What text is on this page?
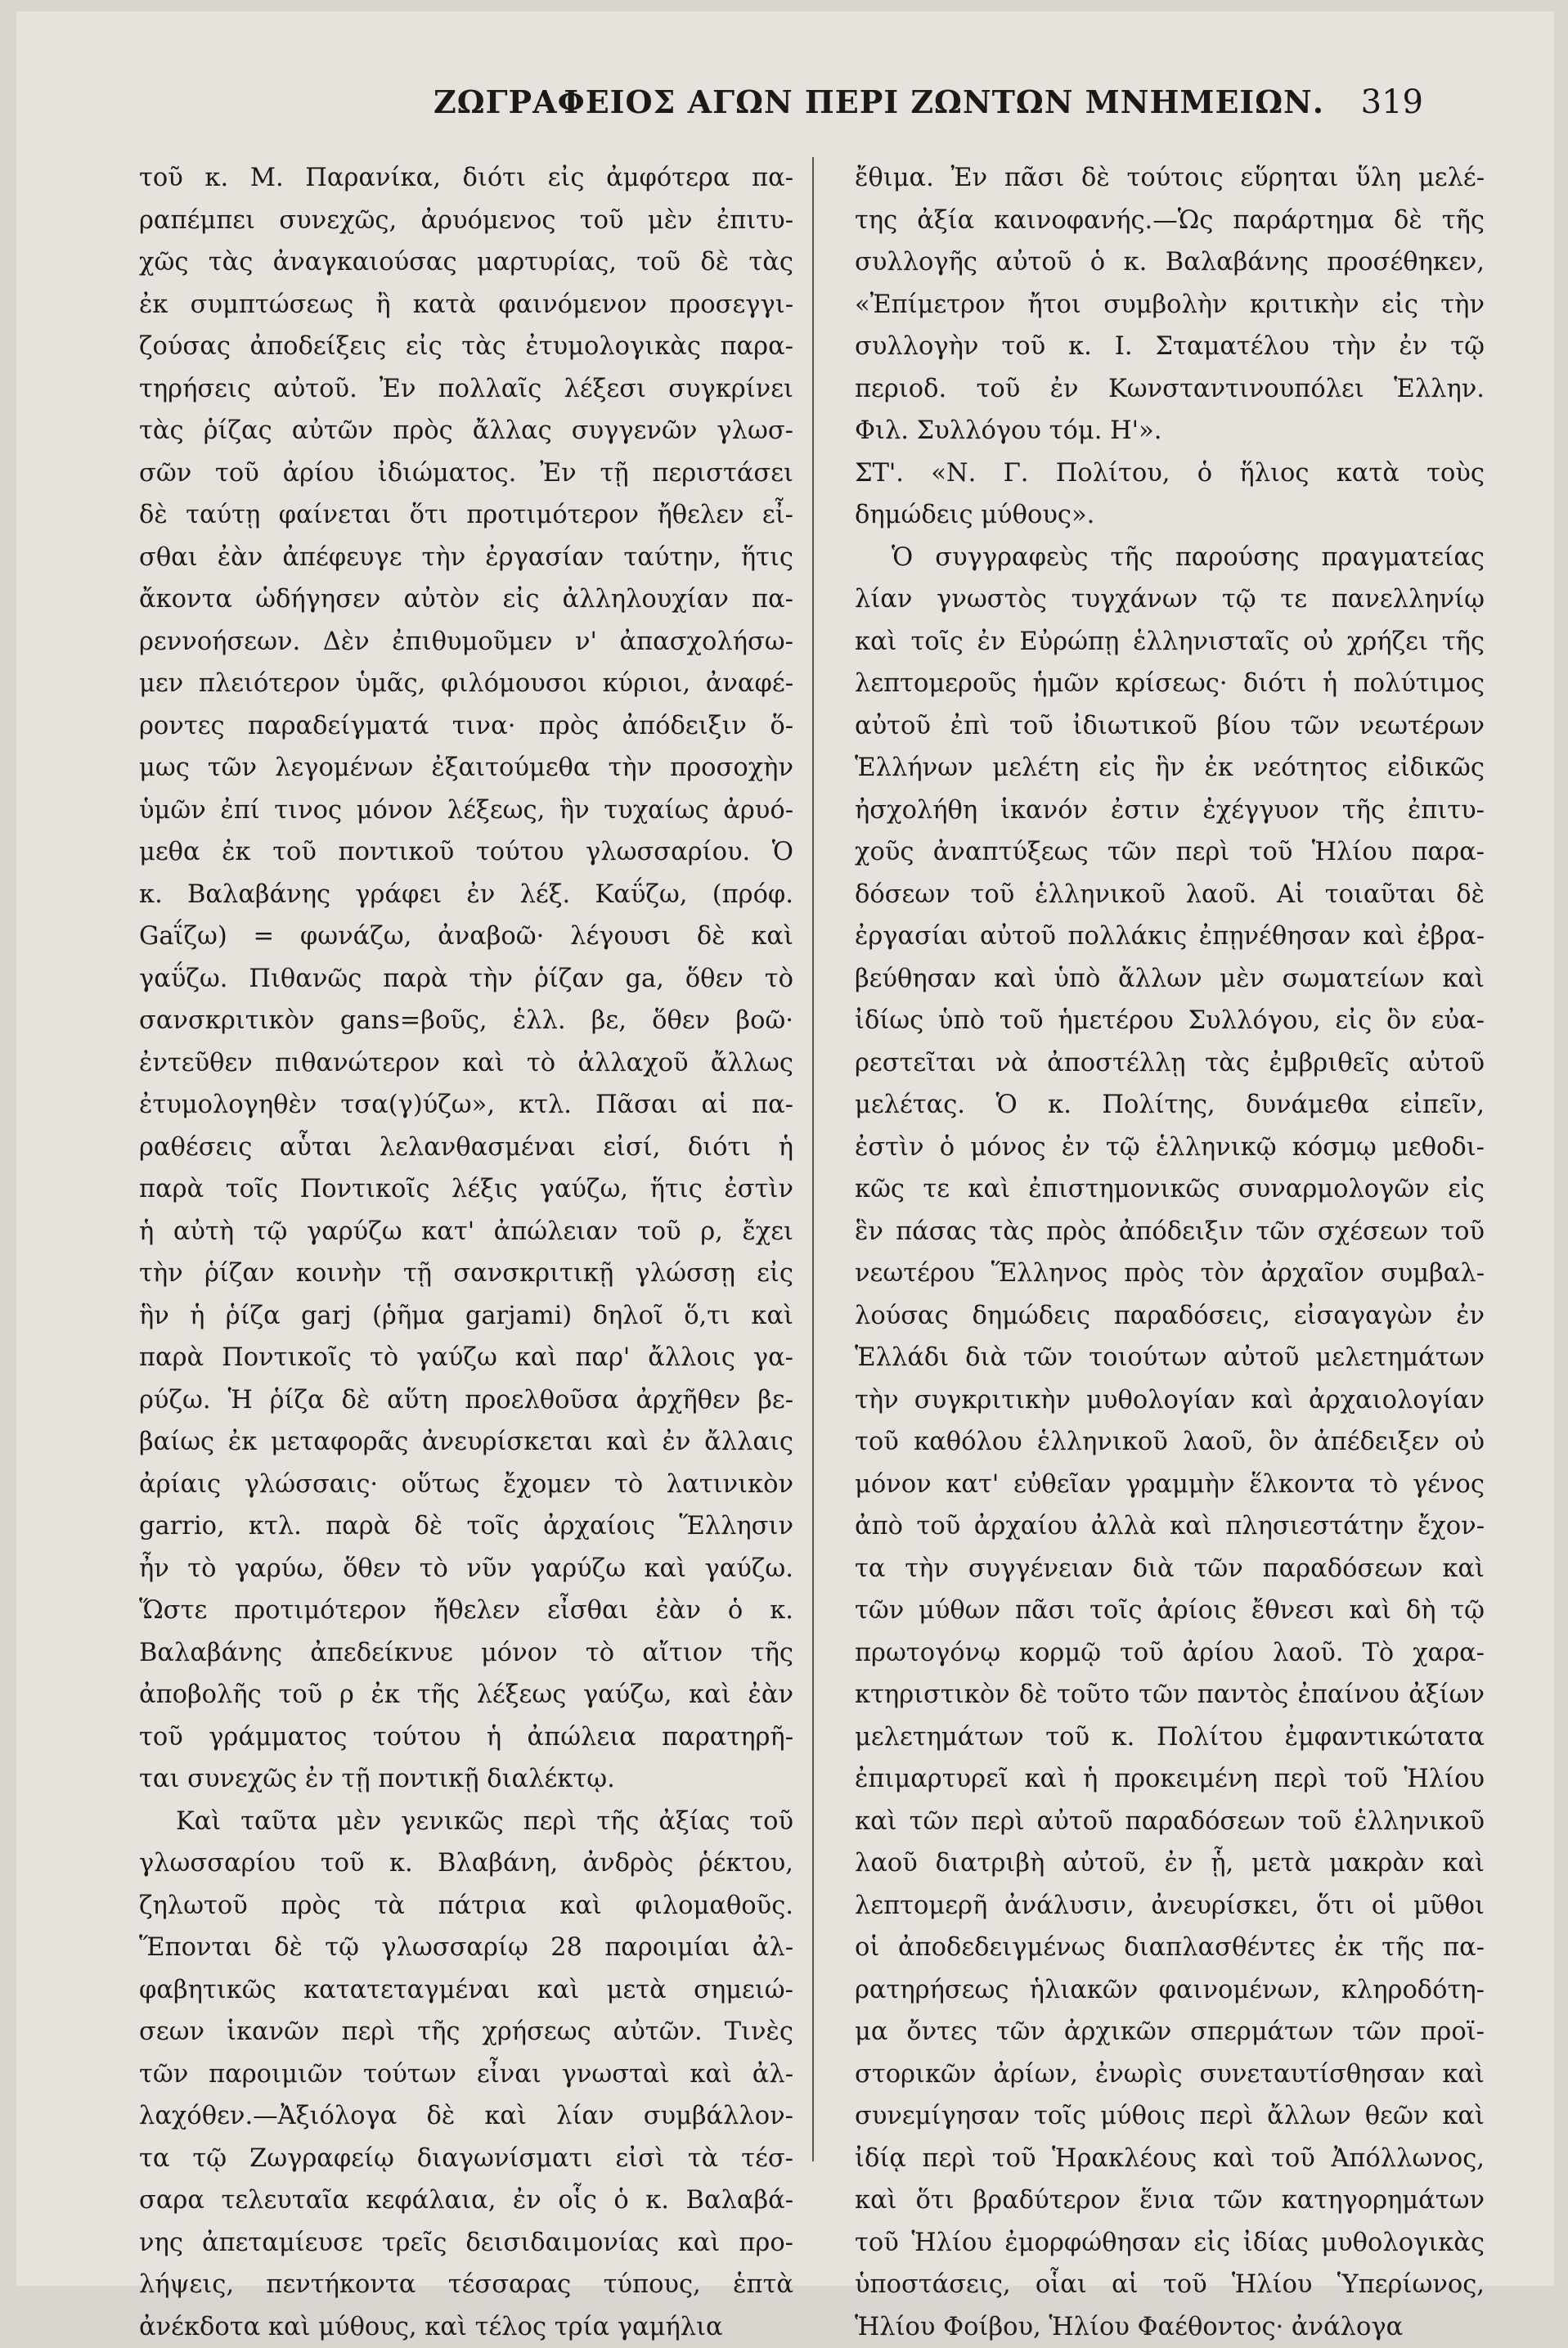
ΖΩΓΡΑΦΕΙΟΣ ΑΓΩΝ ΠΕΡΙ ΖΩΝΤΩΝ ΜΝΗΜΕΙΩΝ. 319
τοῦ κ. Μ. Παρανίκα, διότι εἰς ἀμφότερα πα-
ραπέμπει συνεχῶς, ἀρυόμενος τοῦ μὲν ἐπιτυ-
χῶς τὰς ἀναγκαιούσας μαρτυρίας, τοῦ δὲ τὰς
ἐκ συμπτώσεως ἢ κατὰ φαινόμενον προσεγγι-
ζούσας ἀποδείξεις εἰς τὰς ἐτυμολογικὰς παρα-
τηρήσεις αὐτοῦ. Ἐν πολλαῖς λέξεσι συγκρίνει
τὰς ῥίζας αὐτῶν πρὸς ἄλλας συγγενῶν γλωσ-
σῶν τοῦ ἀρίου ἰδιώματος. Ἐν τῇ περιστάσει
δὲ ταύτῃ φαίνεται ὅτι προτιμότερον ἤθελεν εἶ-
σθαι ἐὰν ἀπέφευγε τὴν ἐργασίαν ταύτην, ἥτις
ἄκοντα ὡδήγησεν αὐτὸν εἰς ἀλληλουχίαν πα-
ρεννοήσεων. Δὲν ἐπιθυμοῦμεν ν' ἀπασχολήσω-
μεν πλειότερον ὑμᾶς, φιλόμουσοι κύριοι, ἀναφέ-
ροντες παραδείγματά τινα· πρὸς ἀπόδειξιν ὅ-
μως τῶν λεγομένων ἐξαιτούμεθα τὴν προσοχὴν
ὑμῶν ἐπί τινος μόνον λέξεως, ἣν τυχαίως ἀρυό-
μεθα ἐκ τοῦ ποντικοῦ τούτου γλωσσαρίου. Ὁ
κ. Βαλαβάνης γράφει ἐν λέξ. Καΰζω, (πρόφ.
Gaΐζω) = φωνάζω, ἀναβοῶ· λέγουσι δὲ καὶ
γαΰζω. Πιθανῶς παρὰ τὴν ῥίζαν ga, ὅθεν τὸ
σανσκριτικὸν gans=βοῦς, ἑλλ. βε, ὅθεν βοῶ·
ἐντεῦθεν πιθανώτερον καὶ τὸ ἀλλαχοῦ ἄλλως
ἐτυμολογηθὲν τσα(γ)ύζω», κτλ. Πᾶσαι αἱ πα-
ραθέσεις αὗται λελανθασμέναι εἰσί, διότι ἡ
παρὰ τοῖς Ποντικοῖς λέξις γαύζω, ἥτις ἐστὶν
ἡ αὐτὴ τῷ γαρύζω κατ' ἀπώλειαν τοῦ ρ, ἔχει
τὴν ῥίζαν κοινὴν τῇ σανσκριτικῇ γλώσσῃ εἰς
ἣν ἡ ῥίζα garj (ῥῆμα garjami) δηλοῖ ὅ,τι καὶ
παρὰ Ποντικοῖς τὸ γαύζω καὶ παρ' ἄλλοις γα-
ρύζω. Ἡ ῥίζα δὲ αὕτη προελθοῦσα ἀρχῆθεν βε-
βαίως ἐκ μεταφορᾶς ἀνευρίσκεται καὶ ἐν ἄλλαις
ἀρίαις γλώσσαις· οὕτως ἔχομεν τὸ λατινικὸν
garrio, κτλ. παρὰ δὲ τοῖς ἀρχαίοις Ἕλλησιν
ἦν τὸ γαρύω, ὅθεν τὸ νῦν γαρύζω καὶ γαύζω.
Ὥστε προτιμότερον ἤθελεν εἶσθαι ἐὰν ὁ κ.
Βαλαβάνης ἀπεδείκνυε μόνον τὸ αἴτιον τῆς
ἀποβολῆς τοῦ ρ ἐκ τῆς λέξεως γαύζω, καὶ ἐὰν
τοῦ γράμματος τούτου ἡ ἀπώλεια παρατηρῆ-
ται συνεχῶς ἐν τῇ ποντικῇ διαλέκτῳ.
Καὶ ταῦτα μὲν γενικῶς περὶ τῆς ἀξίας τοῦ
γλωσσαρίου τοῦ κ. Βλαβάνη, ἀνδρὸς ῥέκτου,
ζηλωτοῦ πρὸς τὰ πάτρια καὶ φιλομαθοῦς.
Ἕπονται δὲ τῷ γλωσσαρίῳ 28 παροιμίαι ἀλ-
φαβητικῶς κατατεταγμέναι καὶ μετὰ σημειώ-
σεων ἱκανῶν περὶ τῆς χρήσεως αὐτῶν. Τινὲς
τῶν παροιμιῶν τούτων εἶναι γνωσταὶ καὶ ἀλ-
λαχόθεν.—Ἀξιόλογα δὲ καὶ λίαν συμβάλλον-
τα τῷ Ζωγραφείῳ διαγωνίσματι εἰσὶ τὰ τέσ-
σαρα τελευταῖα κεφάλαια, ἐν οἷς ὁ κ. Βαλαβά-
νης ἀπεταμίευσε τρεῖς δεισιδαιμονίας καὶ προ-
λήψεις, πεντήκοντα τέσσαρας τύπους, ἑπτὰ
ἀνέκδοτα καὶ μύθους, καὶ τέλος τρία γαμήλια
ἔθιμα. Ἐν πᾶσι δὲ τούτοις εὕρηται ὕλη μελέ-
της ἀξία καινοφανής.—Ὡς παράρτημα δὲ τῆς
συλλογῆς αὐτοῦ ὁ κ. Βαλαβάνης προσέθηκεν,
«Ἐπίμετρον ἤτοι συμβολὴν κριτικὴν εἰς τὴν
συλλογὴν τοῦ κ. Ι. Σταματέλου τὴν ἐν τῷ
περιοδ. τοῦ ἐν Κωνσταντινουπόλει Ἑλλην.
Φιλ. Συλλόγου τόμ. Η'».
ΣΤ'. «Ν. Γ. Πολίτου, ὁ ἥλιος κατὰ τοὺς
δημώδεις μύθους».
Ὁ συγγραφεὺς τῆς παρούσης πραγματείας
λίαν γνωστὸς τυγχάνων τῷ τε πανελληνίῳ
καὶ τοῖς ἐν Εὐρώπῃ ἑλληνισταῖς οὐ χρήζει τῆς
λεπτομεροῦς ἡμῶν κρίσεως· διότι ἡ πολύτιμος
αὐτοῦ ἐπὶ τοῦ ἰδιωτικοῦ βίου τῶν νεωτέρων
Ἑλλήνων μελέτη εἰς ἣν ἐκ νεότητος εἰδικῶς
ἠσχολήθη ἱκανόν ἐστιν ἐχέγγυον τῆς ἐπιτυ-
χοῦς ἀναπτύξεως τῶν περὶ τοῦ Ἡλίου παρα-
δόσεων τοῦ ἑλληνικοῦ λαοῦ. Αἱ τοιαῦται δὲ
ἐργασίαι αὐτοῦ πολλάκις ἐπῃνέθησαν καὶ ἐβρα-
βεύθησαν καὶ ὑπὸ ἄλλων μὲν σωματείων καὶ
ἰδίως ὑπὸ τοῦ ἡμετέρου Συλλόγου, εἰς ὃν εὐα-
ρεστεῖται νὰ ἀποστέλλῃ τὰς ἐμβριθεῖς αὐτοῦ
μελέτας. Ὁ κ. Πολίτης, δυνάμεθα εἰπεῖν,
ἐστὶν ὁ μόνος ἐν τῷ ἑλληνικῷ κόσμῳ μεθοδι-
κῶς τε καὶ ἐπιστημονικῶς συναρμολογῶν εἰς
ἓν πάσας τὰς πρὸς ἀπόδειξιν τῶν σχέσεων τοῦ
νεωτέρου Ἕλληνος πρὸς τὸν ἀρχαῖον συμβαλ-
λούσας δημώδεις παραδόσεις, εἰσαγαγὼν ἐν
Ἑλλάδι διὰ τῶν τοιούτων αὐτοῦ μελετημάτων
τὴν συγκριτικὴν μυθολογίαν καὶ ἀρχαιολογίαν
τοῦ καθόλου ἑλληνικοῦ λαοῦ, ὃν ἀπέδειξεν οὐ
μόνον κατ' εὐθεῖαν γραμμὴν ἕλκοντα τὸ γένος
ἀπὸ τοῦ ἀρχαίου ἀλλὰ καὶ πλησιεστάτην ἔχον-
τα τὴν συγγένειαν διὰ τῶν παραδόσεων καὶ
τῶν μύθων πᾶσι τοῖς ἀρίοις ἔθνεσι καὶ δὴ τῷ
πρωτογόνῳ κορμῷ τοῦ ἀρίου λαοῦ. Τὸ χαρα-
κτηριστικὸν δὲ τοῦτο τῶν παντὸς ἐπαίνου ἀξίων
μελετημάτων τοῦ κ. Πολίτου ἐμφαντικώτατα
ἐπιμαρτυρεῖ καὶ ἡ προκειμένη περὶ τοῦ Ἡλίου
καὶ τῶν περὶ αὐτοῦ παραδόσεων τοῦ ἑλληνικοῦ
λαοῦ διατριβὴ αὐτοῦ, ἐν ᾗ, μετὰ μακρὰν καὶ
λεπτομερῆ ἀνάλυσιν, ἀνευρίσκει, ὅτι οἱ μῦθοι
οἱ ἀποδεδειγμένως διαπλασθέντες ἐκ τῆς πα-
ρατηρήσεως ἡλιακῶν φαινομένων, κληροδότη-
μα ὄντες τῶν ἀρχικῶν σπερμάτων τῶν προϊ-
στορικῶν ἀρίων, ἐνωρὶς συνεταυτίσθησαν καὶ
συνεμίγησαν τοῖς μύθοις περὶ ἄλλων θεῶν καὶ
ἰδίᾳ περὶ τοῦ Ἡρακλέους καὶ τοῦ Ἀπόλλωνος,
καὶ ὅτι βραδύτερον ἕνια τῶν κατηγορημάτων
τοῦ Ἡλίου ἐμορφώθησαν εἰς ἰδίας μυθολογικὰς
ὑποστάσεις, οἷαι αἱ τοῦ Ἡλίου Ὑπερίωνος,
Ἡλίου Φοίβου, Ἡλίου Φαέθοντος· ἀνάλογα
